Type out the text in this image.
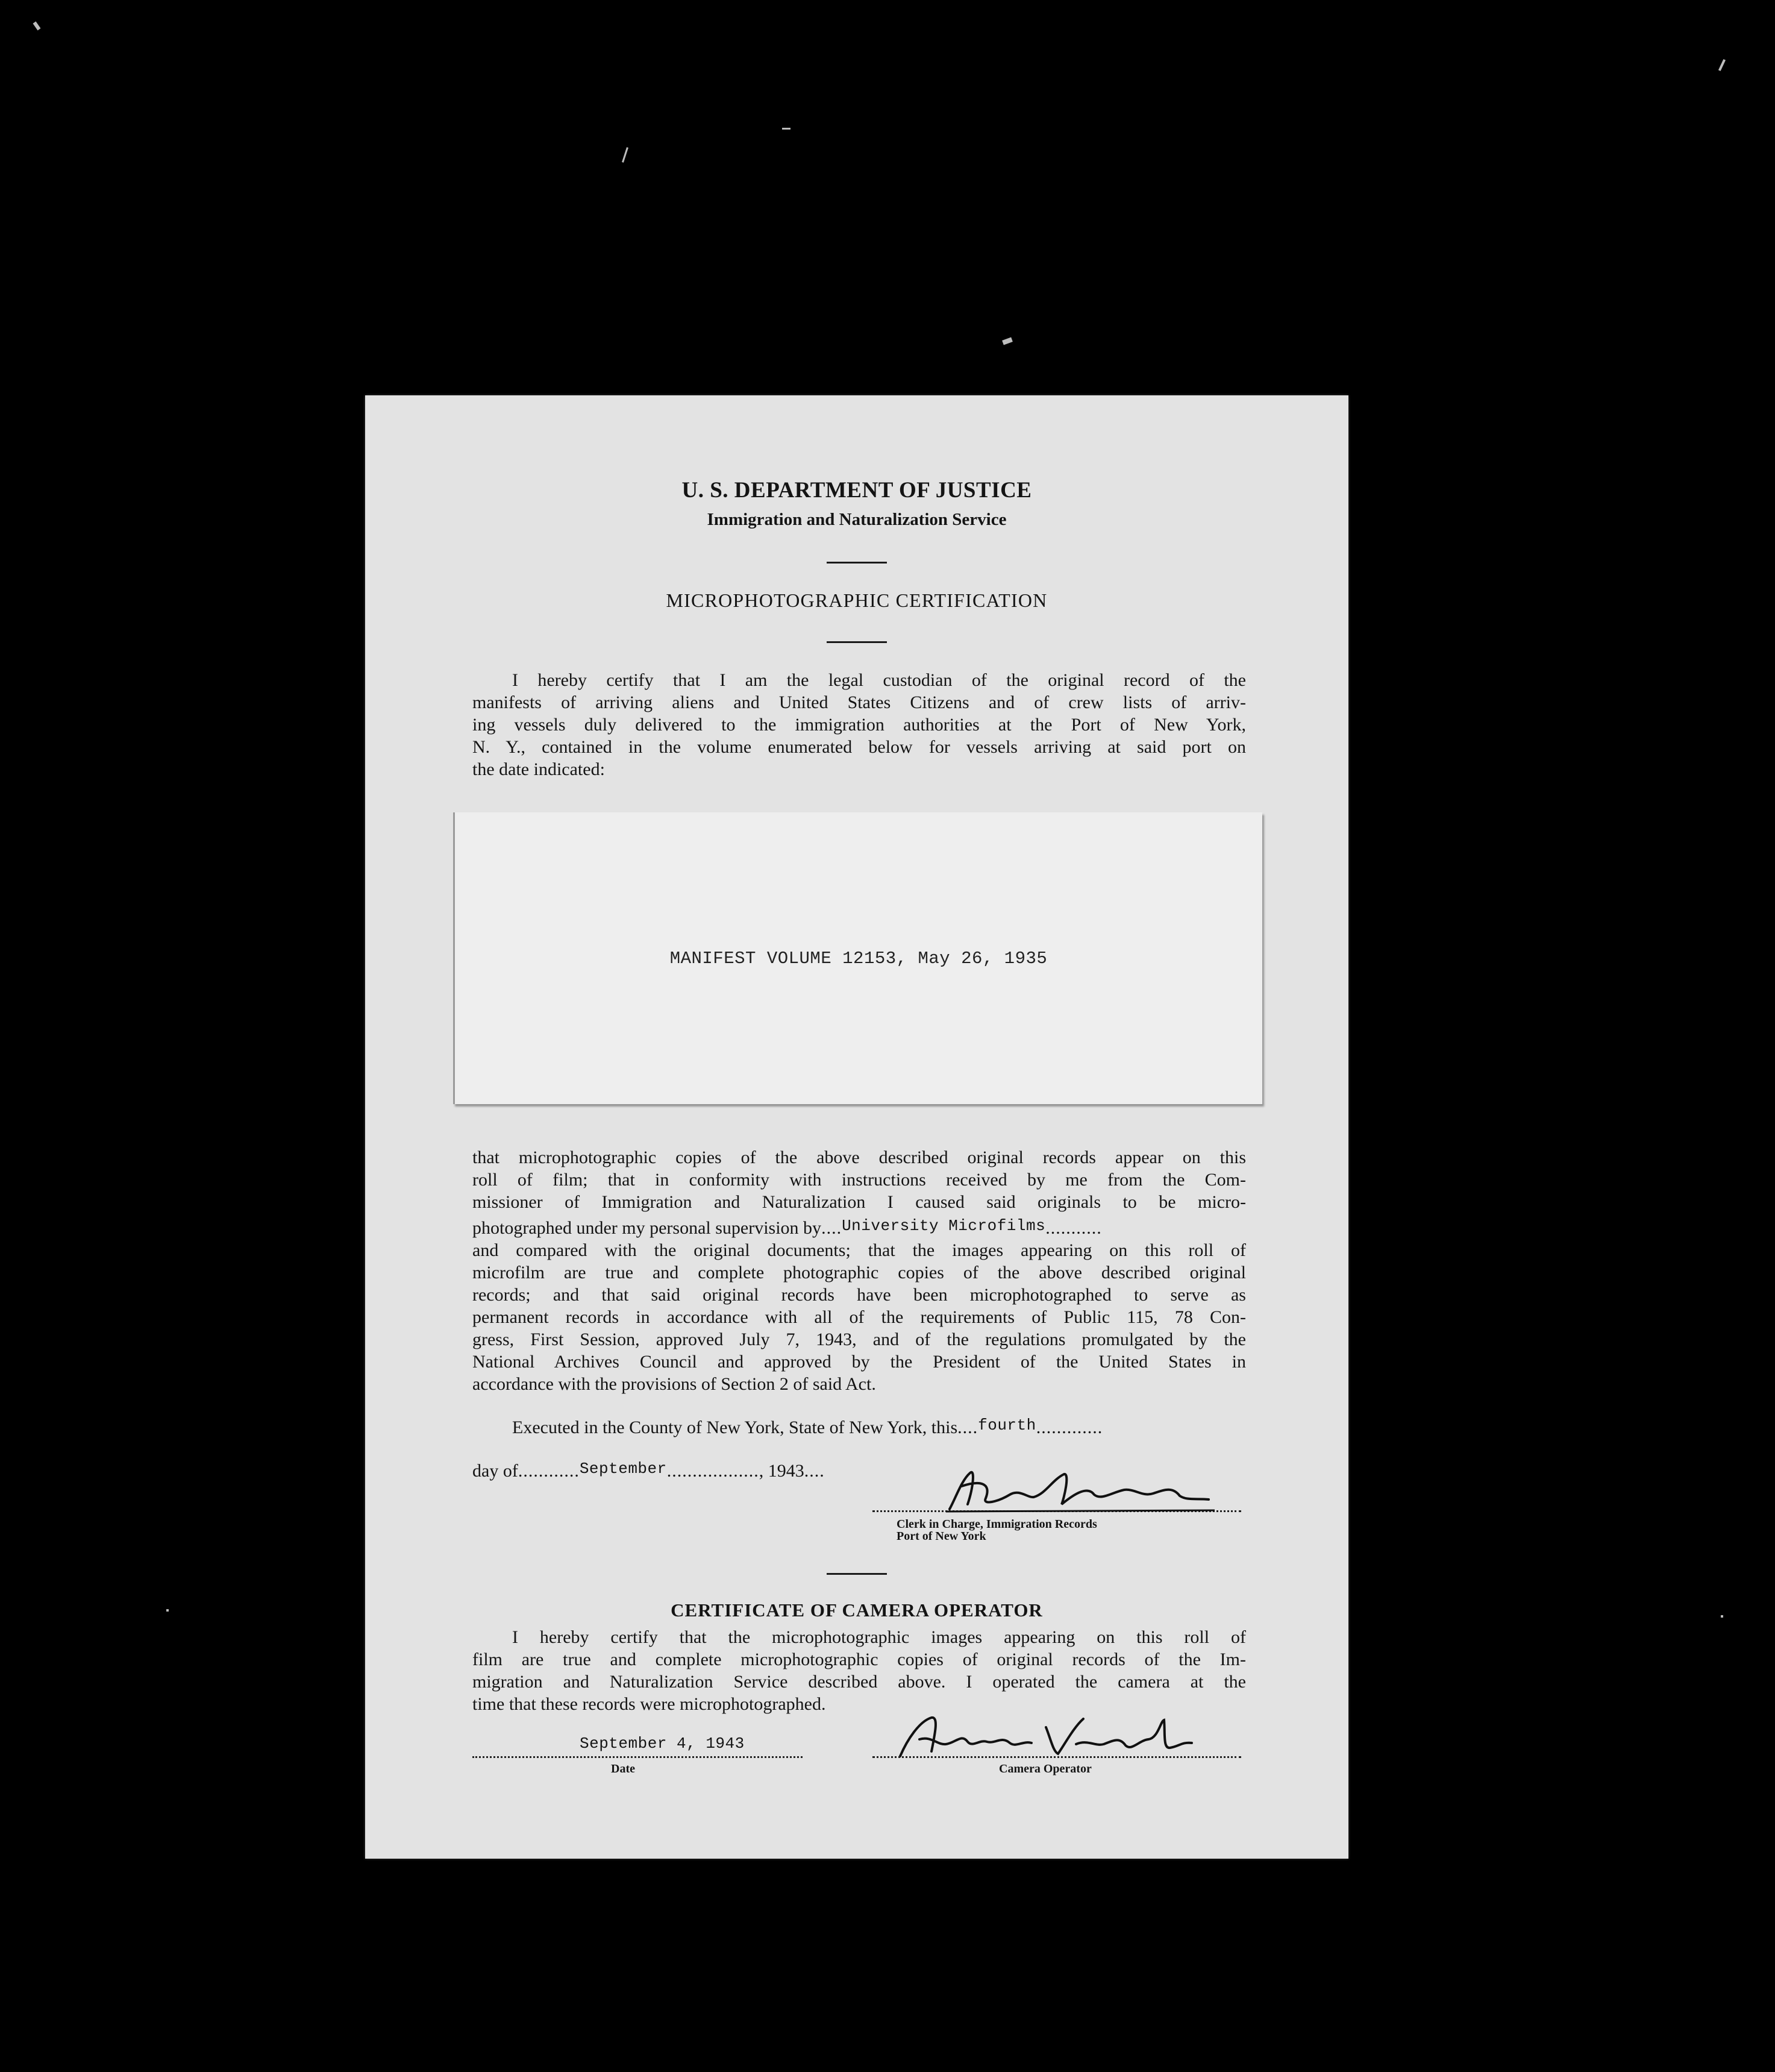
U. S. DEPARTMENT OF JUSTICE
Immigration and Naturalization Service
MICROPHOTOGRAPHIC CERTIFICATION
I hereby certify that I am the legal custodian of the original record of the
manifests of arriving aliens and United States Citizens and of crew lists of arriv-
ing vessels duly delivered to the immigration authorities at the Port of New York,
N. Y., contained in the volume enumerated below for vessels arriving at said port on
the date indicated:
MANIFEST VOLUME 12153, May 26, 1935
that microphotographic copies of the above described original records appear on this
roll of film; that in conformity with instructions received by me from the Com-
missioner of Immigration and Naturalization I caused said originals to be micro-
photographed under my personal supervision by....University Microfilms...........
and compared with the original documents; that the images appearing on this roll of
microfilm are true and complete photographic copies of the above described original
records; and that said original records have been microphotographed to serve as
permanent records in accordance with all of the requirements of Public 115, 78 Con-
gress, First Session, approved July 7, 1943, and of the regulations promulgated by the
National Archives Council and approved by the President of the United States in
accordance with the provisions of Section 2 of said Act.
Executed in the County of New York, State of New York, this....fourth.............
day of............September.................., 1943....
Clerk in Charge, Immigration Records
Port of New York
CERTIFICATE OF CAMERA OPERATOR
I hereby certify that the microphotographic images appearing on this roll of
film are true and complete microphotographic copies of original records of the Im-
migration and Naturalization Service described above. I operated the camera at the
time that these records were microphotographed.
September 4, 1943
Date	Camera Operator
